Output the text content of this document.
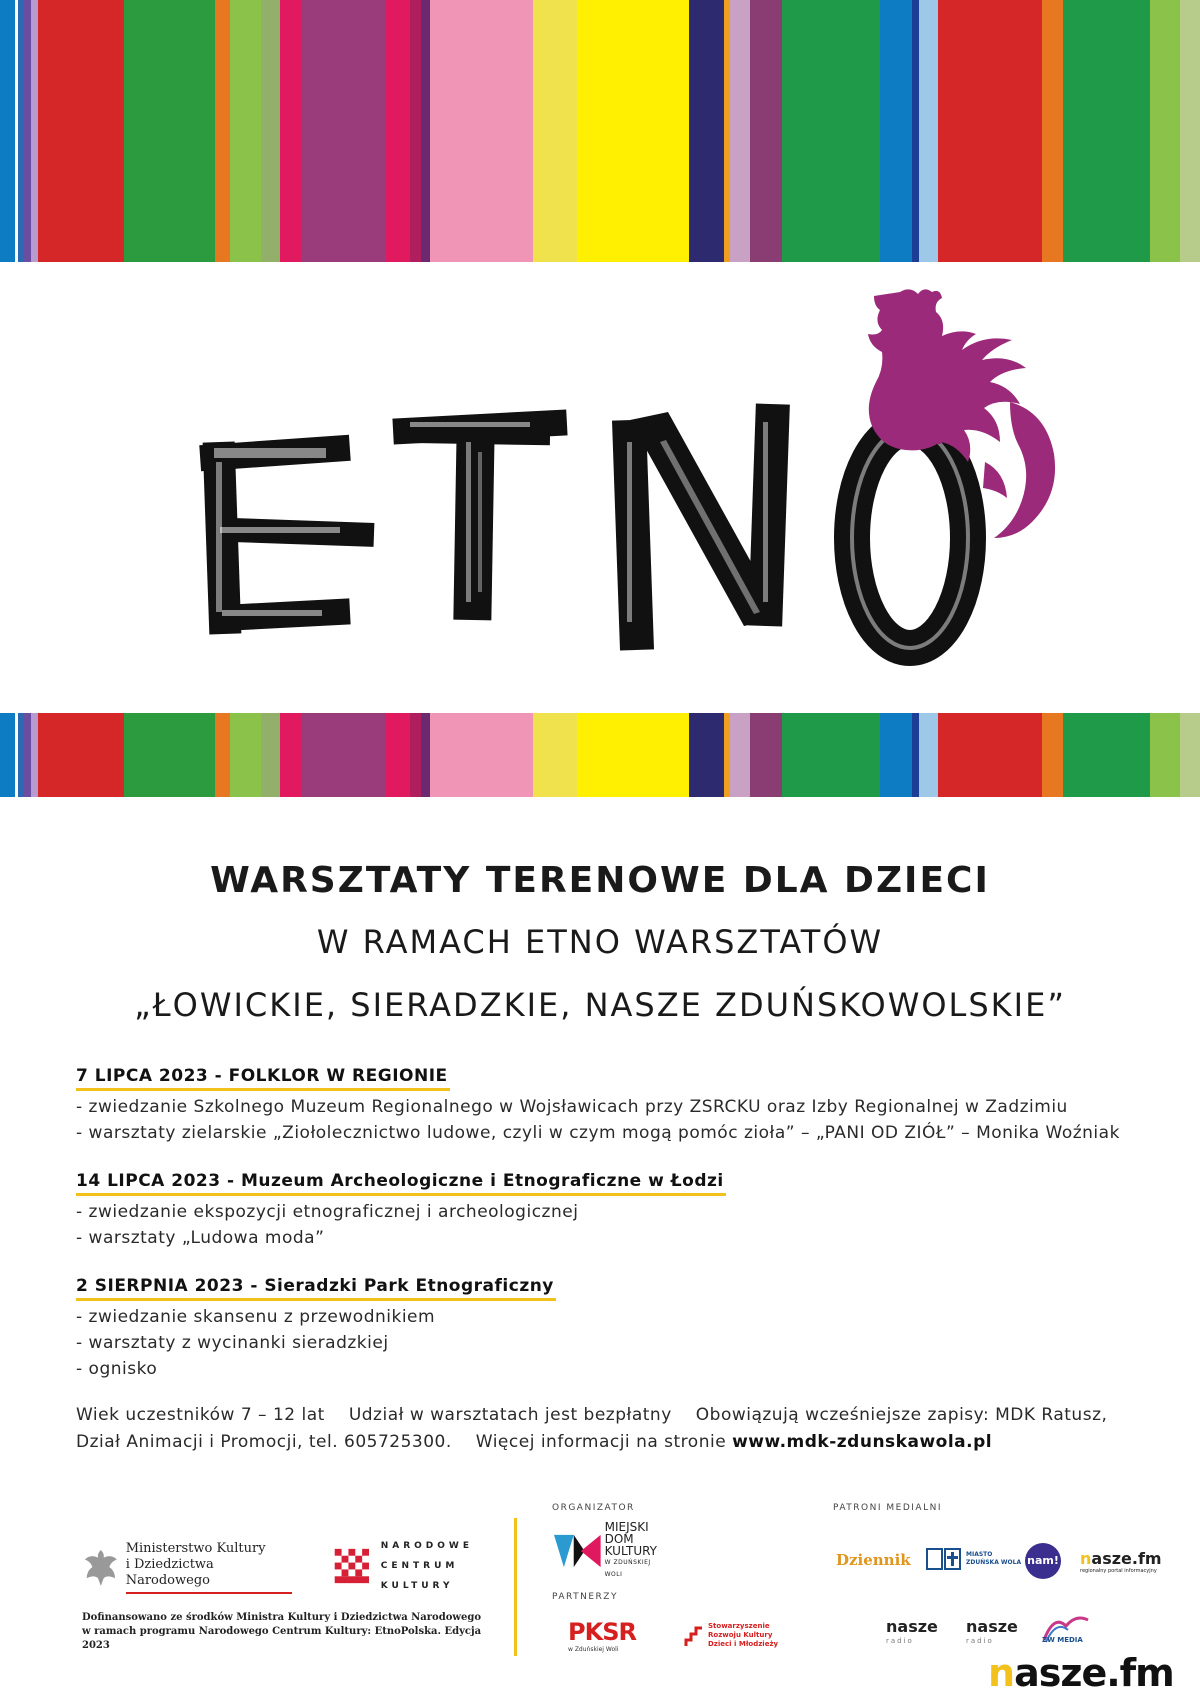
WARSZTATY TERENOWE DLA DZIECI
W RAMACH ETNO WARSZTATÓW
„ŁOWICKIE, SIERADZKIE, NASZE ZDUŃSKOWOLSKIE”
7 LIPCA 2023 - FOLKLOR W REGIONIE
- zwiedzanie Szkolnego Muzeum Regionalnego w Wojsławicach przy ZSRCKU oraz Izby Regionalnej w Zadzimiu
- warsztaty zielarskie „Ziołolecznictwo ludowe, czyli w czym mogą pomóc zioła” – „PANI OD ZIÓŁ” – Monika Woźniak
14 LIPCA 2023 - Muzeum Archeologiczne i Etnograficzne w Łodzi
- zwiedzanie ekspozycji etnograficznej i archeologicznej
- warsztaty „Ludowa moda”
2 SIERPNIA 2023 - Sieradzki Park Etnograficzny
- zwiedzanie skansenu z przewodnikiem
- warsztaty z wycinanki sieradzkiej
- ognisko
Wiek uczestników 7 – 12 lat Udział w warsztatach jest bezpłatny Obowiązują wcześniejsze zapisy: MDK Ratusz,
Dział Animacji i Promocji, tel. 605725300. Więcej informacji na stronie www.mdk-zdunskawola.pl
ORGANIZATOR
PARTNERZY
PATRONI MEDIALNI
Ministerstwo Kultury
i Dziedzictwa Narodowego
NARODOWE
CENTRUM
KULTURY
Dofinansowano ze środków Ministra Kultury i Dziedzictwa Narodowego
w ramach programu Narodowego Centrum Kultury: EtnoPolska. Edycja 2023
MIEJSKI
DOM
KULTURY
W ZDUŃSKIEJ WOLI
PKSR
w Zduńskiej Woli
Stowarzyszenie
Rozwoju Kultury
Dzieci i Młodzieży
Dziennik	MIASTO
ZDUŃSKA WOLA nam! nasze.fm
regionalny portal informacyjny
nasze
radio
nasze
radio	ZW MEDIA
nasze.fm
